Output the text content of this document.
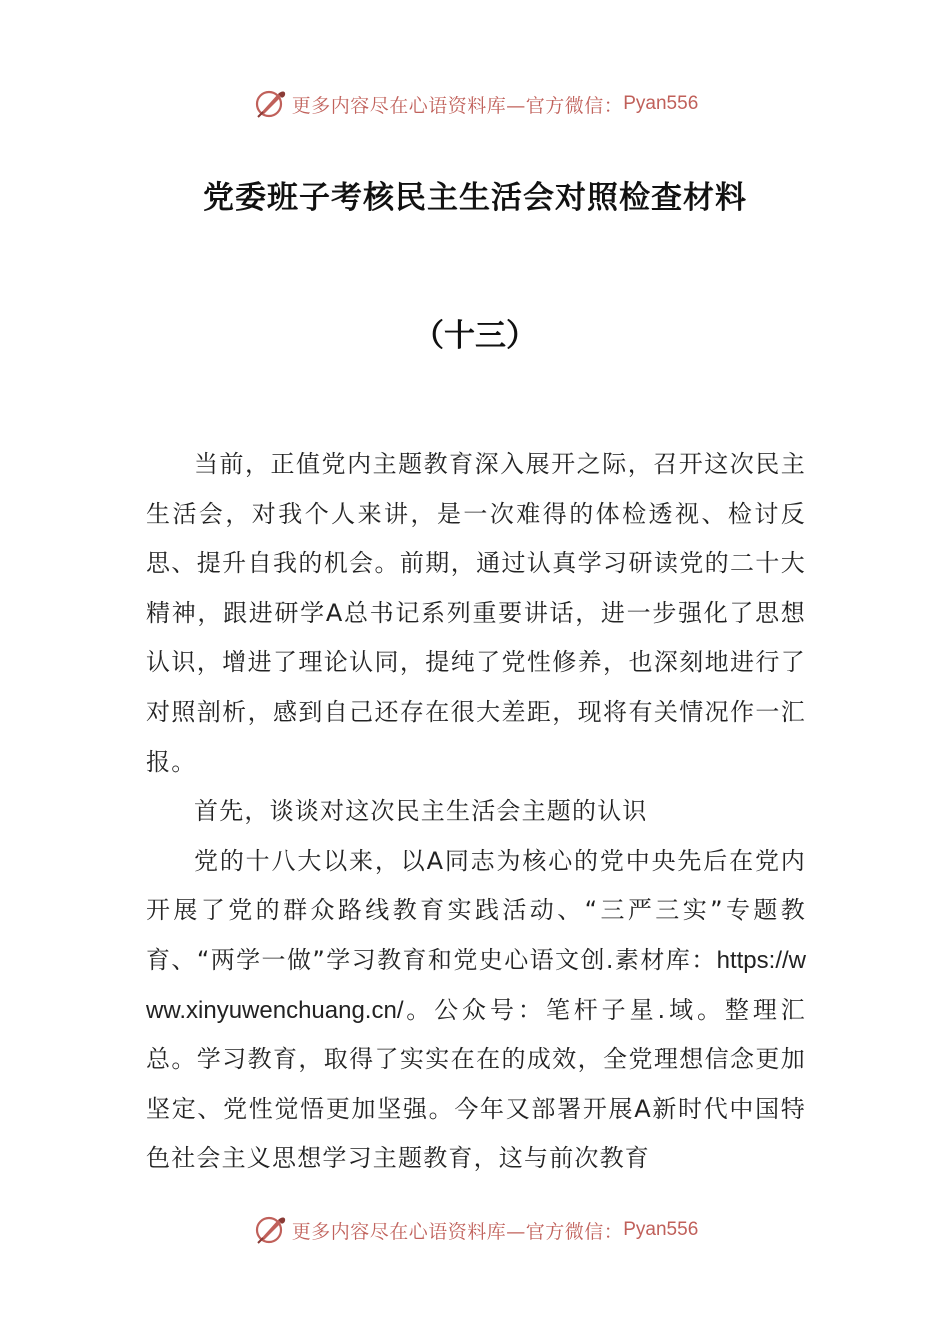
更多内容尽在心语资料库—官方微信： Pyan556
党委班子考核民主生活会对照检查材料
（十三）

当前，正值党内主题教育深入展开之际，召开这次民主生活会，对我个人来讲，是一次难得的体检透视、检讨反思、提升自我的机会。前期，通过认真学习研读党的二十大精神，跟进研学A总书记系列重要讲话，进一步强化了思想认识，增进了理论认同，提纯了党性修养，也深刻地进行了对照剖析，感到自己还存在很大差距，现将有关情况作一汇报。

首先，谈谈对这次民主生活会主题的认识

党的十八大以来，以A同志为核心的党中央先后在党内开展了党的群众路线教育实践活动、“三严三实”专题教育、“两学一做”学习教育和党史心语文创.素材库：https://www.xinyuwenchuang.cn/。公众号：笔杆子星.域。整理汇总。学习教育，取得了实实在在的成效，全党理想信念更加坚定、党性觉悟更加坚强。今年又部署开展A新时代中国特色社会主义思想学习主题教育，这与前次教育

更多内容尽在心语资料库—官方微信： Pyan556
